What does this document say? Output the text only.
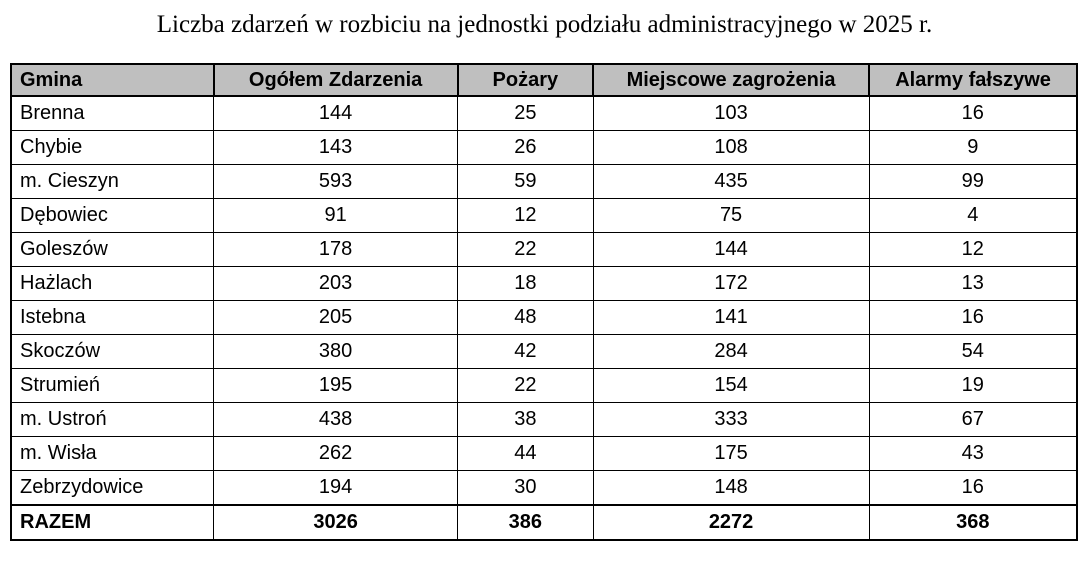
Liczba zdarzeń w rozbiciu na jednostki podziału administracyjnego w 2025 r.
Gmina	Ogółem Zdarzenia	Pożary	Miejscowe zagrożenia	Alarmy fałszywe
Brenna	144	25	103	16
Chybie	143	26	108	9
m. Cieszyn	593	59	435	99
Dębowiec	91	12	75	4
Goleszów	178	22	144	12
Hażlach	203	18	172	13
Istebna	205	48	141	16
Skoczów	380	42	284	54
Strumień	195	22	154	19
m. Ustroń	438	38	333	67
m. Wisła	262	44	175	43
Zebrzydowice	194	30	148	16
RAZEM	3026	386	2272	368
